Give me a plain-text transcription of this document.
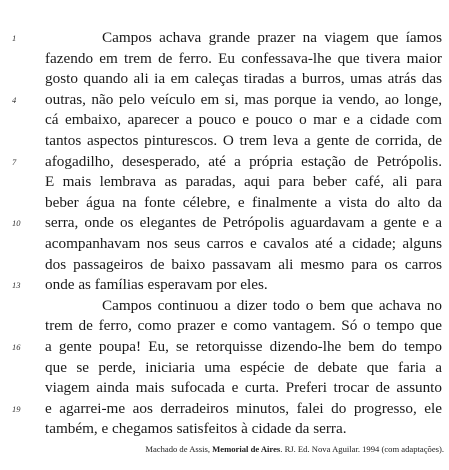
1	Campos achava grande prazer na viagem que íamos
fazendo em trem de ferro. Eu confessava-lhe que tivera maior
gosto quando ali ia em caleças tiradas a burros, umas atrás das
4	outras, não pelo veículo em si, mas porque ia vendo, ao longe,
cá embaixo, aparecer a pouco e pouco o mar e a cidade com
tantos aspectos pinturescos. O trem leva a gente de corrida, de
7	afogadilho, desesperado, até a própria estação de Petrópolis.
E mais lembrava as paradas, aqui para beber café, ali para
beber água na fonte célebre, e finalmente a vista do alto da
10	serra, onde os elegantes de Petrópolis aguardavam a gente e a
acompanhavam nos seus carros e cavalos até a cidade; alguns
dos passageiros de baixo passavam ali mesmo para os carros
13	onde as famílias esperavam por eles.
Campos continuou a dizer todo o bem que achava no
trem de ferro, como prazer e como vantagem. Só o tempo que
16	a gente poupa! Eu, se retorquisse dizendo-lhe bem do tempo
que se perde, iniciaria uma espécie de debate que faria a
viagem ainda mais sufocada e curta. Preferi trocar de assunto
19	e agarrei-me aos derradeiros minutos, falei do progresso, ele
também, e chegamos satisfeitos à cidade da serra.
Machado de Assis, Memorial de Aires. RJ. Ed. Nova Aguilar. 1994 (com adaptações).
